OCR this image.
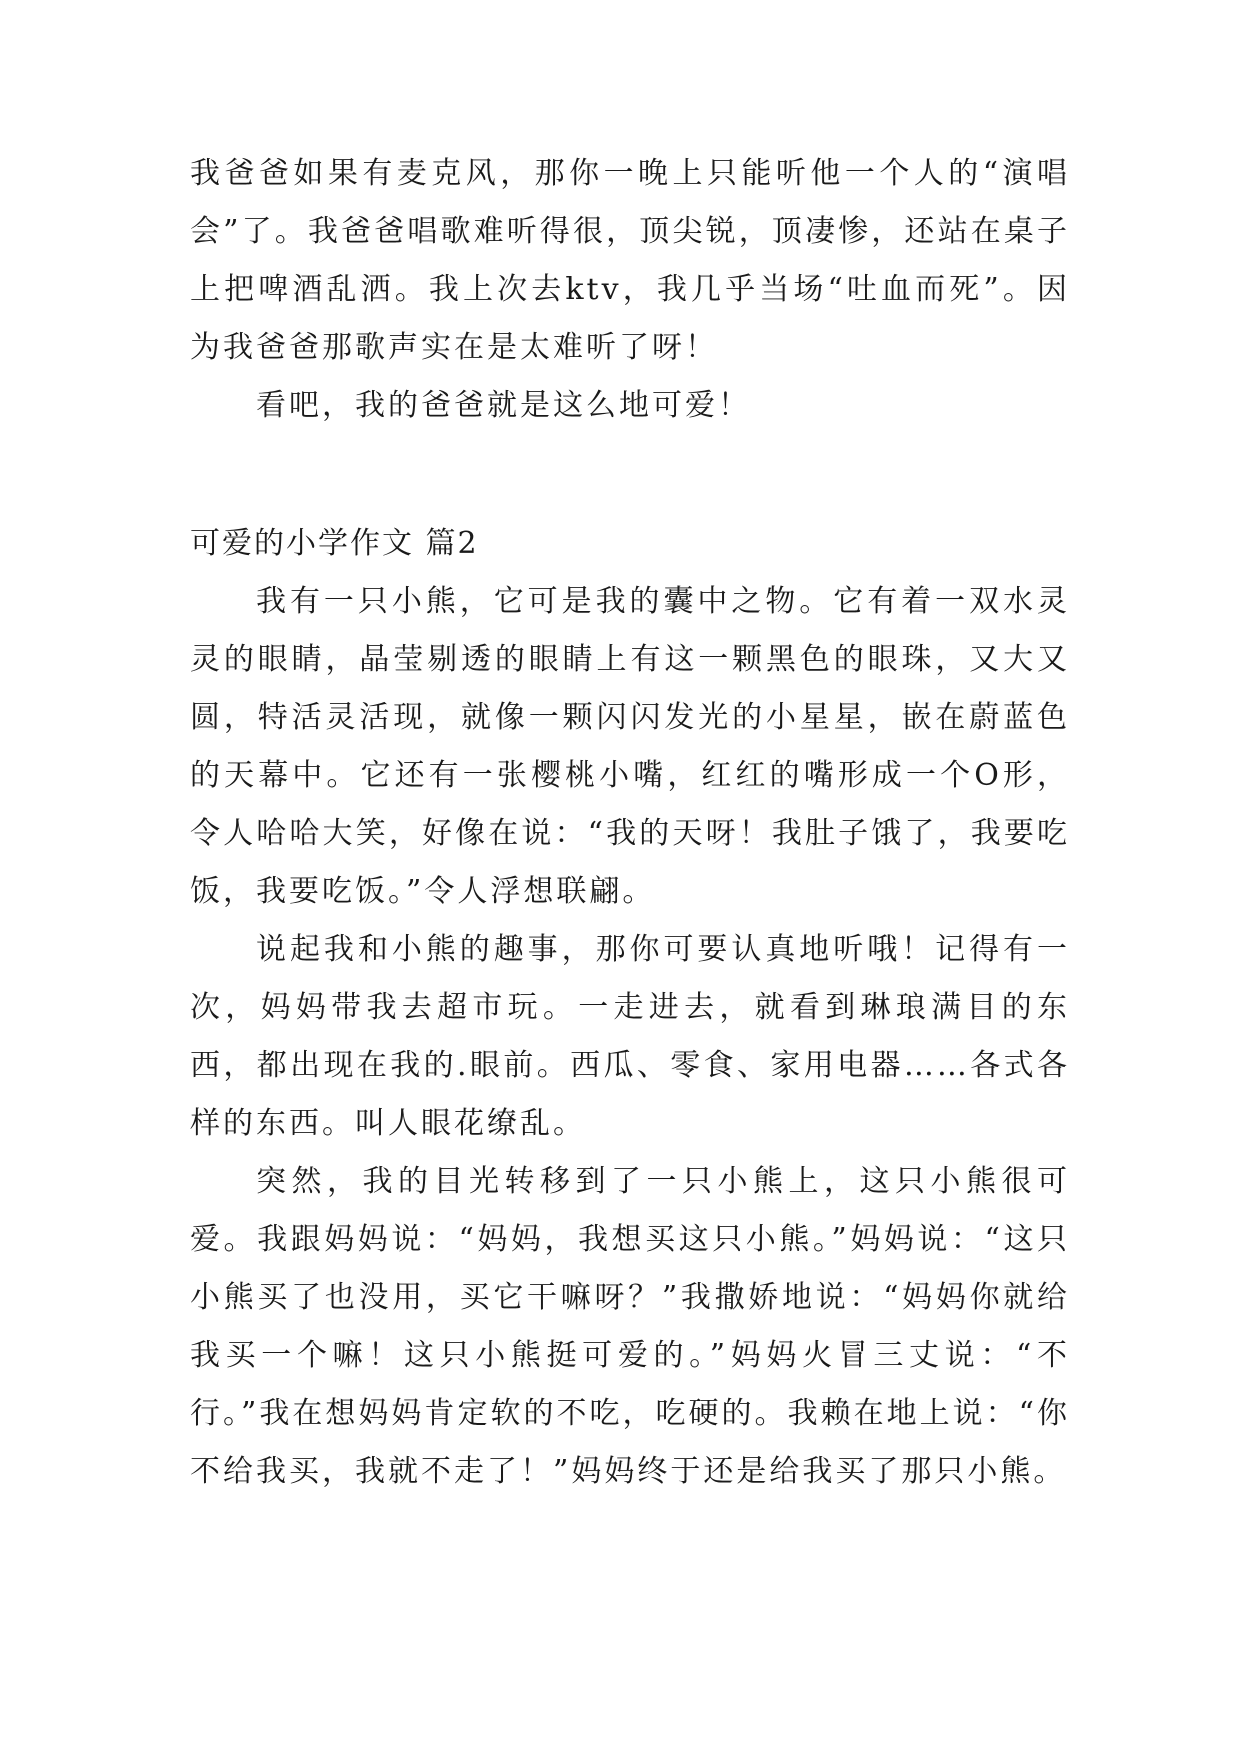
我爸爸如果有麦克风，那你一晚上只能听他一个人的“演唱会”了。我爸爸唱歌难听得很，顶尖锐，顶凄惨，还站在桌子上把啤酒乱洒。我上次去ktv，我几乎当场“吐血而死”。因为我爸爸那歌声实在是太难听了呀！

看吧，我的爸爸就是这么地可爱！

可爱的小学作文 篇2

我有一只小熊，它可是我的囊中之物。它有着一双水灵灵的眼睛，晶莹剔透的眼睛上有这一颗黑色的眼珠，又大又圆，特活灵活现，就像一颗闪闪发光的小星星，嵌在蔚蓝色的天幕中。它还有一张樱桃小嘴，红红的嘴形成一个O形，令人哈哈大笑，好像在说：“我的天呀！我肚子饿了，我要吃饭，我要吃饭。”令人浮想联翩。

说起我和小熊的趣事，那你可要认真地听哦！记得有一次，妈妈带我去超市玩。一走进去，就看到琳琅满目的东西，都出现在我的.眼前。西瓜、零食、家用电器……各式各样的东西。叫人眼花缭乱。

突然，我的目光转移到了一只小熊上，这只小熊很可爱。我跟妈妈说：“妈妈，我想买这只小熊。”妈妈说：“这只小熊买了也没用，买它干嘛呀？”我撒娇地说：“妈妈你就给我买一个嘛！这只小熊挺可爱的。”妈妈火冒三丈说：“不行。”我在想妈妈肯定软的不吃，吃硬的。我赖在地上说：“你不给我买，我就不走了！”妈妈终于还是给我买了那只小熊。
